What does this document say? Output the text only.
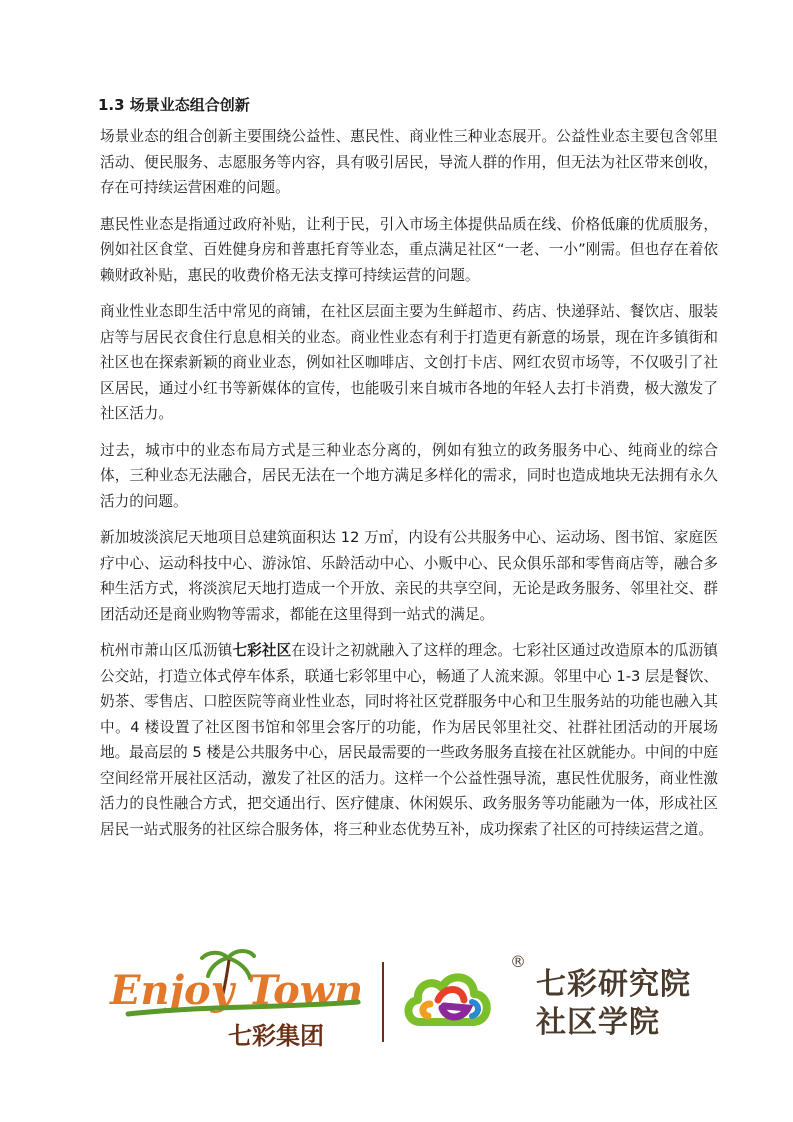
1.3 场景业态组合创新

场景业态的组合创新主要围绕公益性、惠民性、商业性三种业态展开。公益性业态主要包含邻里活动、便民服务、志愿服务等内容，具有吸引居民，导流人群的作用，但无法为社区带来创收，存在可持续运营困难的问题。

惠民性业态是指通过政府补贴，让利于民，引入市场主体提供品质在线、价格低廉的优质服务，例如社区食堂、百姓健身房和普惠托育等业态，重点满足社区“一老、一小”刚需。但也存在着依赖财政补贴，惠民的收费价格无法支撑可持续运营的问题。

商业性业态即生活中常见的商铺，在社区层面主要为生鲜超市、药店、快递驿站、餐饮店、服装店等与居民衣食住行息息相关的业态。商业性业态有利于打造更有新意的场景，现在许多镇街和社区也在探索新颖的商业业态，例如社区咖啡店、文创打卡店、网红农贸市场等，不仅吸引了社区居民，通过小红书等新媒体的宣传，也能吸引来自城市各地的年轻人去打卡消费，极大激发了社区活力。

过去，城市中的业态布局方式是三种业态分离的，例如有独立的政务服务中心、纯商业的综合体，三种业态无法融合，居民无法在一个地方满足多样化的需求，同时也造成地块无法拥有永久活力的问题。

新加坡淡滨尼天地项目总建筑面积达 12 万㎡，内设有公共服务中心、运动场、图书馆、家庭医疗中心、运动科技中心、游泳馆、乐龄活动中心、小贩中心、民众俱乐部和零售商店等，融合多种生活方式，将淡滨尼天地打造成一个开放、亲民的共享空间，无论是政务服务、邻里社交、群团活动还是商业购物等需求，都能在这里得到一站式的满足。

杭州市萧山区瓜沥镇七彩社区在设计之初就融入了这样的理念。七彩社区通过改造原本的瓜沥镇公交站，打造立体式停车体系，联通七彩邻里中心，畅通了人流来源。邻里中心 1-3 层是餐饮、奶茶、零售店、口腔医院等商业性业态，同时将社区党群服务中心和卫生服务站的功能也融入其中。4 楼设置了社区图书馆和邻里会客厅的功能，作为居民邻里社交、社群社团活动的开展场地。最高层的 5 楼是公共服务中心，居民最需要的一些政务服务直接在社区就能办。中间的中庭空间经常开展社区活动，激发了社区的活力。这样一个公益性强导流，惠民性优服务，商业性激活力的良性融合方式，把交通出行、医疗健康、休闲娱乐、政务服务等功能融为一体，形成社区居民一站式服务的社区综合服务体，将三种业态优势互补，成功探索了社区的可持续运营之道。

Enjoy Town
七彩集团
®
七彩研究院
社区学院
